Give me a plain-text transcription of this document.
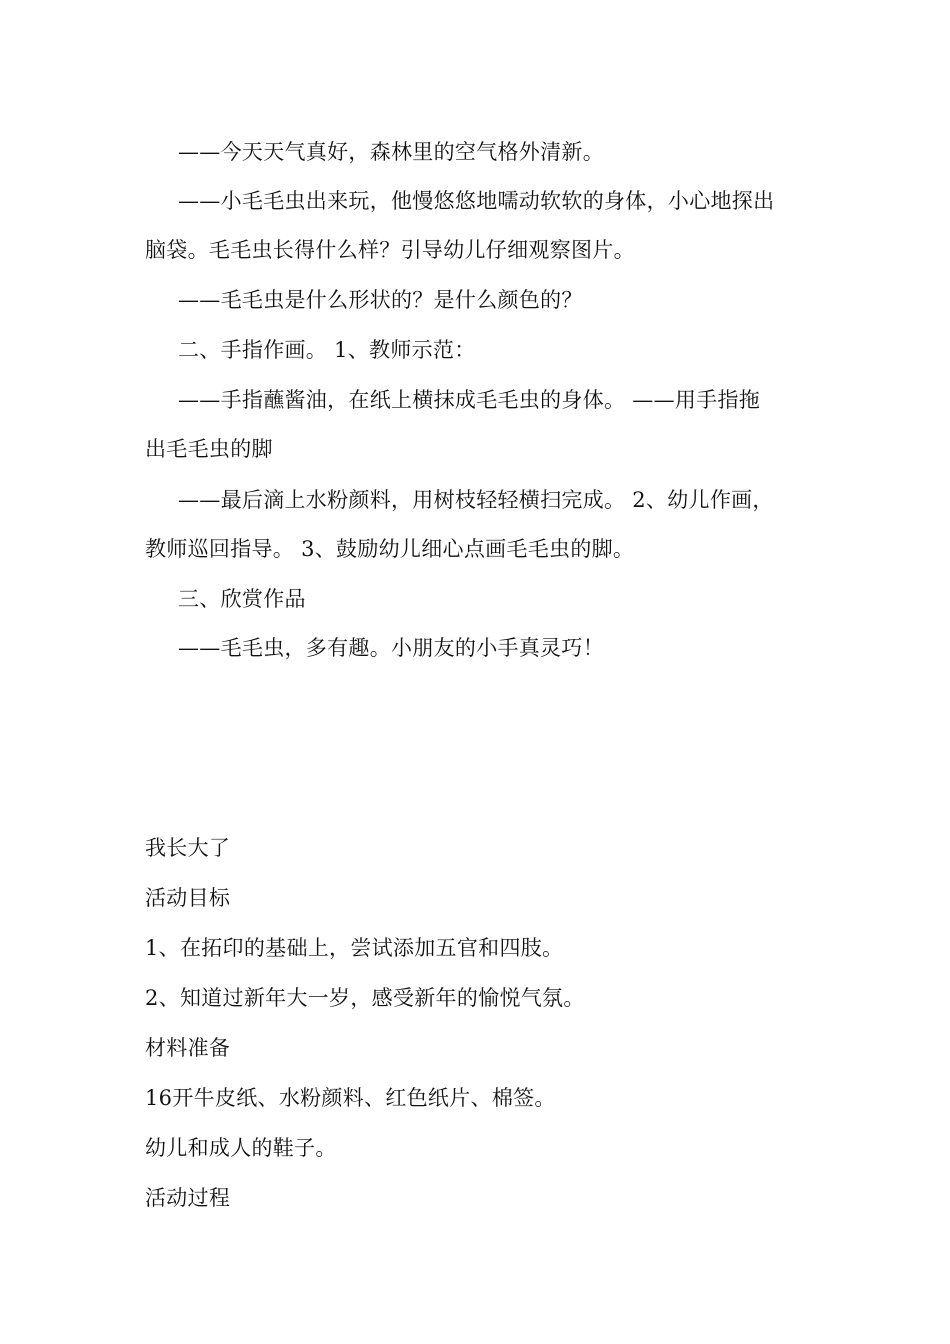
——今天天气真好，森林里的空气格外清新。
——小毛毛虫出来玩，他慢悠悠地嚅动软软的身体，小心地探出
脑袋。毛毛虫长得什么样？引导幼儿仔细观察图片。
——毛毛虫是什么形状的？是什么颜色的？
二、手指作画。 1、教师示范：
——手指蘸酱油，在纸上横抹成毛毛虫的身体。 ——用手指拖
出毛毛虫的脚
——最后滴上水粉颜料，用树枝轻轻横扫完成。 2、幼儿作画，
教师巡回指导。 3、鼓励幼儿细心点画毛毛虫的脚。
三、欣赏作品
——毛毛虫，多有趣。小朋友的小手真灵巧！
我长大了
活动目标
1、在拓印的基础上，尝试添加五官和四肢。
2、知道过新年大一岁，感受新年的愉悦气氛。
材料准备
16开牛皮纸、水粉颜料、红色纸片、棉签。
幼儿和成人的鞋子。
活动过程
